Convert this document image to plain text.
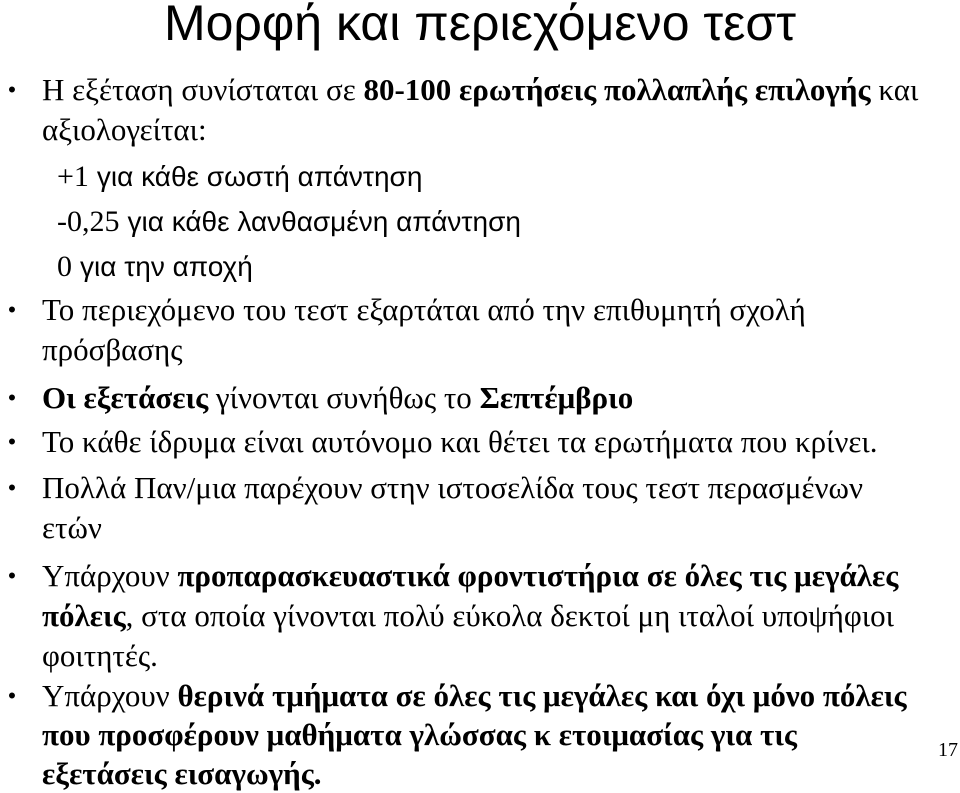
Μορφή και περιεχόμενο τεστ
• Η εξέταση συνίσταται σε 80-100 ερωτήσεις πολλαπλής επιλογής και
αξιολογείται:
+1 για κάθε σωστή απάντηση
-0,25 για κάθε λανθασμένη απάντηση
0 για την αποχή
• Το περιεχόμενο του τεστ εξαρτάται από την επιθυμητή σχολή
πρόσβασης
• Οι εξετάσεις γίνονται συνήθως το Σεπτέμβριο
• Το κάθε ίδρυμα είναι αυτόνομο και θέτει τα ερωτήματα που κρίνει.
• Πολλά Παν/μια παρέχουν στην ιστοσελίδα τους τεστ περασμένων
ετών
• Υπάρχουν προπαρασκευαστικά φροντιστήρια σε όλες τις μεγάλες
πόλεις, στα οποία γίνονται πολύ εύκολα δεκτοί μη ιταλοί υποψήφιοι
φοιτητές.
• Υπάρχουν θερινά τμήματα σε όλες τις μεγάλες και όχι μόνο πόλεις
που προσφέρουν μαθήματα γλώσσας κ ετοιμασίας για τις
εξετάσεις εισαγωγής.
17
